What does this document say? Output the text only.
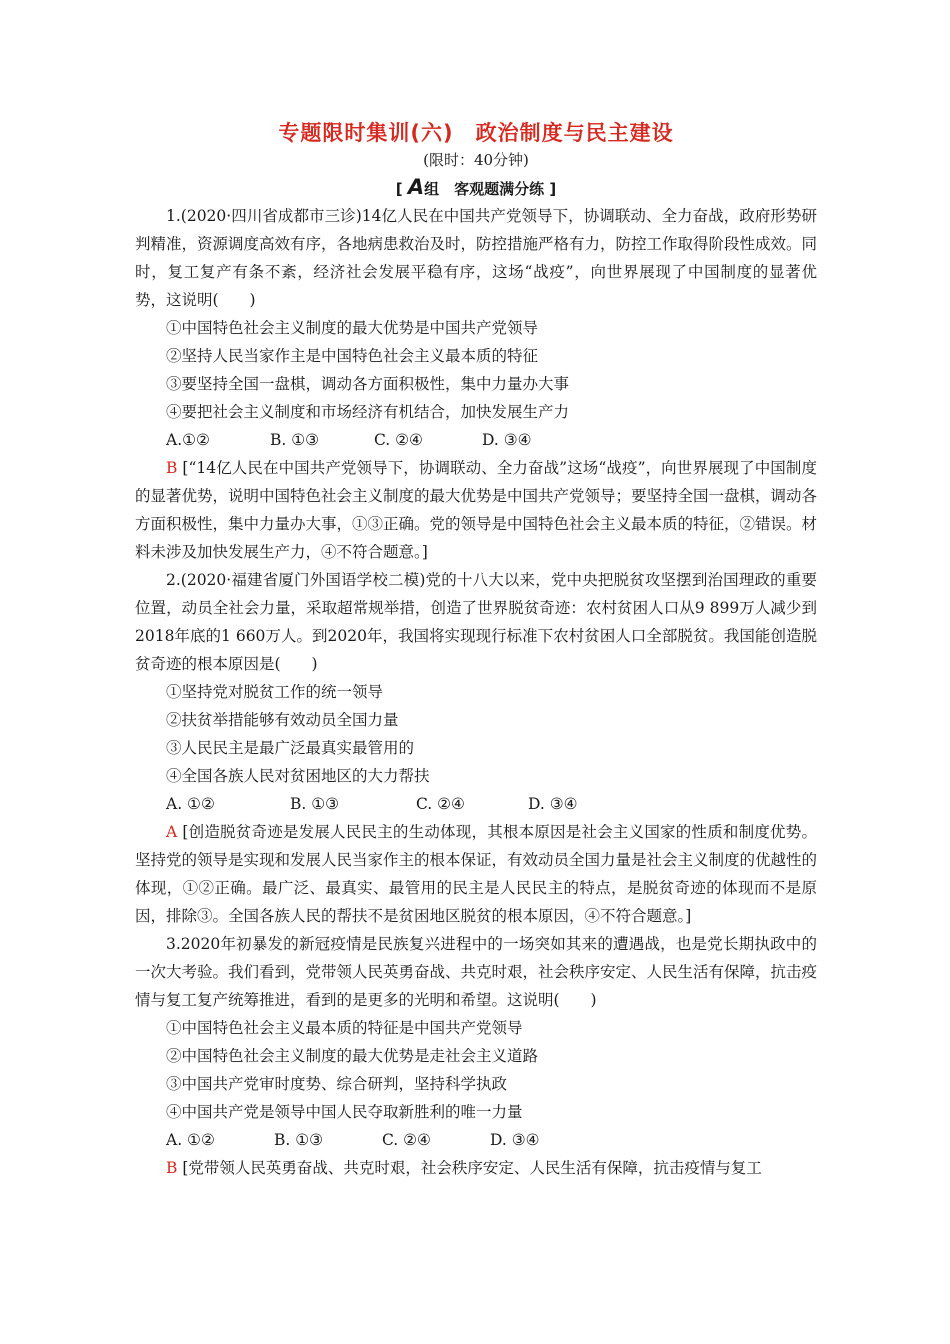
专题限时集训(六)　政治制度与民主建设
(限时：40分钟)
[ A组　客观题满分练 ]

1.(2020·四川省成都市三诊)14亿人民在中国共产党领导下，协调联动、全力奋战，政府形势研判精准，资源调度高效有序，各地病患救治及时，防控措施严格有力，防控工作取得阶段性成效。同时，复工复产有条不紊，经济社会发展平稳有序，这场“战疫”，向世界展现了中国制度的显著优势，这说明(　　)

①中国特色社会主义制度的最大优势是中国共产党领导

②坚持人民当家作主是中国特色社会主义最本质的特征

③要坚持全国一盘棋，调动各方面积极性，集中力量办大事

④要把社会主义制度和市场经济有机结合，加快发展生产力

A.①②	B. ①③	C. ②④	D. ③④

B [“14亿人民在中国共产党领导下，协调联动、全力奋战”这场“战疫”，向世界展现了中国制度的显著优势，说明中国特色社会主义制度的最大优势是中国共产党领导；要坚持全国一盘棋，调动各方面积极性，集中力量办大事，①③正确。党的领导是中国特色社会主义最本质的特征，②错误。材料未涉及加快发展生产力，④不符合题意。]

2.(2020·福建省厦门外国语学校二模)党的十八大以来，党中央把脱贫攻坚摆到治国理政的重要位置，动员全社会力量，采取超常规举措，创造了世界脱贫奇迹：农村贫困人口从9 899万人减少到2018年底的1 660万人。到2020年，我国将实现现行标准下农村贫困人口全部脱贫。我国能创造脱贫奇迹的根本原因是(　　)

①坚持党对脱贫工作的统一领导

②扶贫举措能够有效动员全国力量

③人民民主是最广泛最真实最管用的

④全国各族人民对贫困地区的大力帮扶

A. ①②	B. ①③	C. ②④	D. ③④

A [创造脱贫奇迹是发展人民民主的生动体现，其根本原因是社会主义国家的性质和制度优势。坚持党的领导是实现和发展人民当家作主的根本保证，有效动员全国力量是社会主义制度的优越性的体现，①②正确。最广泛、最真实、最管用的民主是人民民主的特点，是脱贫奇迹的体现而不是原因，排除③。全国各族人民的帮扶不是贫困地区脱贫的根本原因，④不符合题意。]

3.2020年初暴发的新冠疫情是民族复兴进程中的一场突如其来的遭遇战，也是党长期执政中的一次大考验。我们看到，党带领人民英勇奋战、共克时艰，社会秩序安定、人民生活有保障，抗击疫情与复工复产统筹推进，看到的是更多的光明和希望。这说明(　　)

①中国特色社会主义最本质的特征是中国共产党领导

②中国特色社会主义制度的最大优势是走社会主义道路

③中国共产党审时度势、综合研判，坚持科学执政

④中国共产党是领导中国人民夺取新胜利的唯一力量

A. ①②	B. ①③	C. ②④	D. ③④

B [党带领人民英勇奋战、共克时艰，社会秩序安定、人民生活有保障，抗击疫情与复工
